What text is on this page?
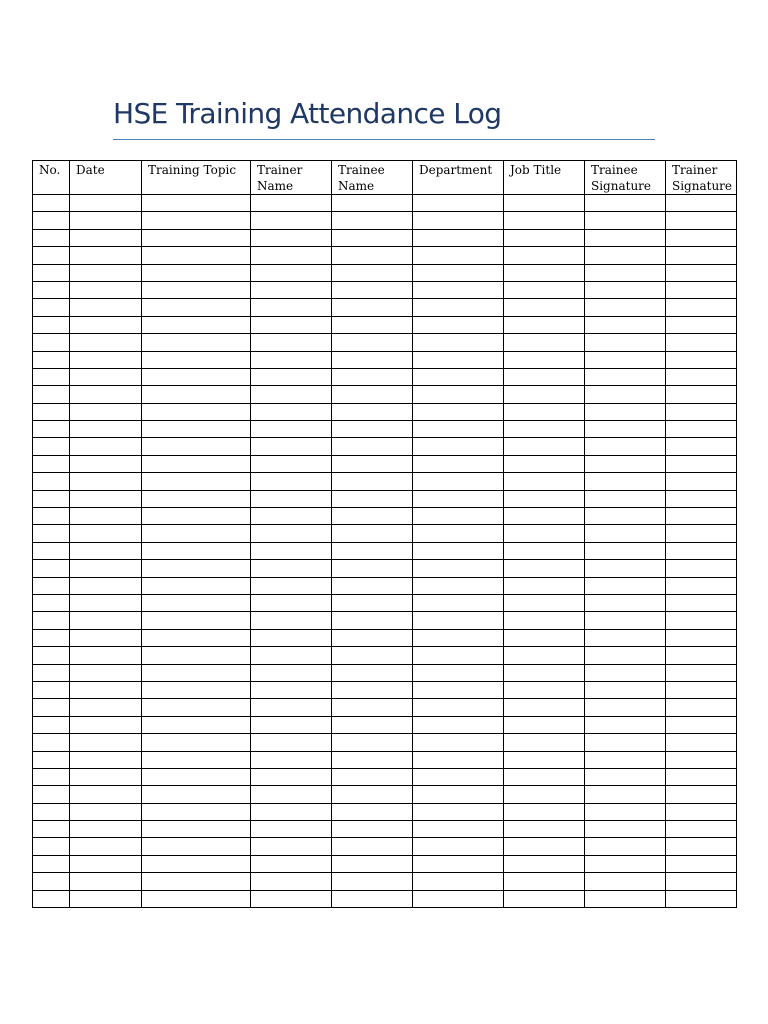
HSE Training Attendance Log
No.	Date	Training Topic	Trainer Name	Trainee Name	Department	Job Title	Trainee Signature	Trainer Signature
